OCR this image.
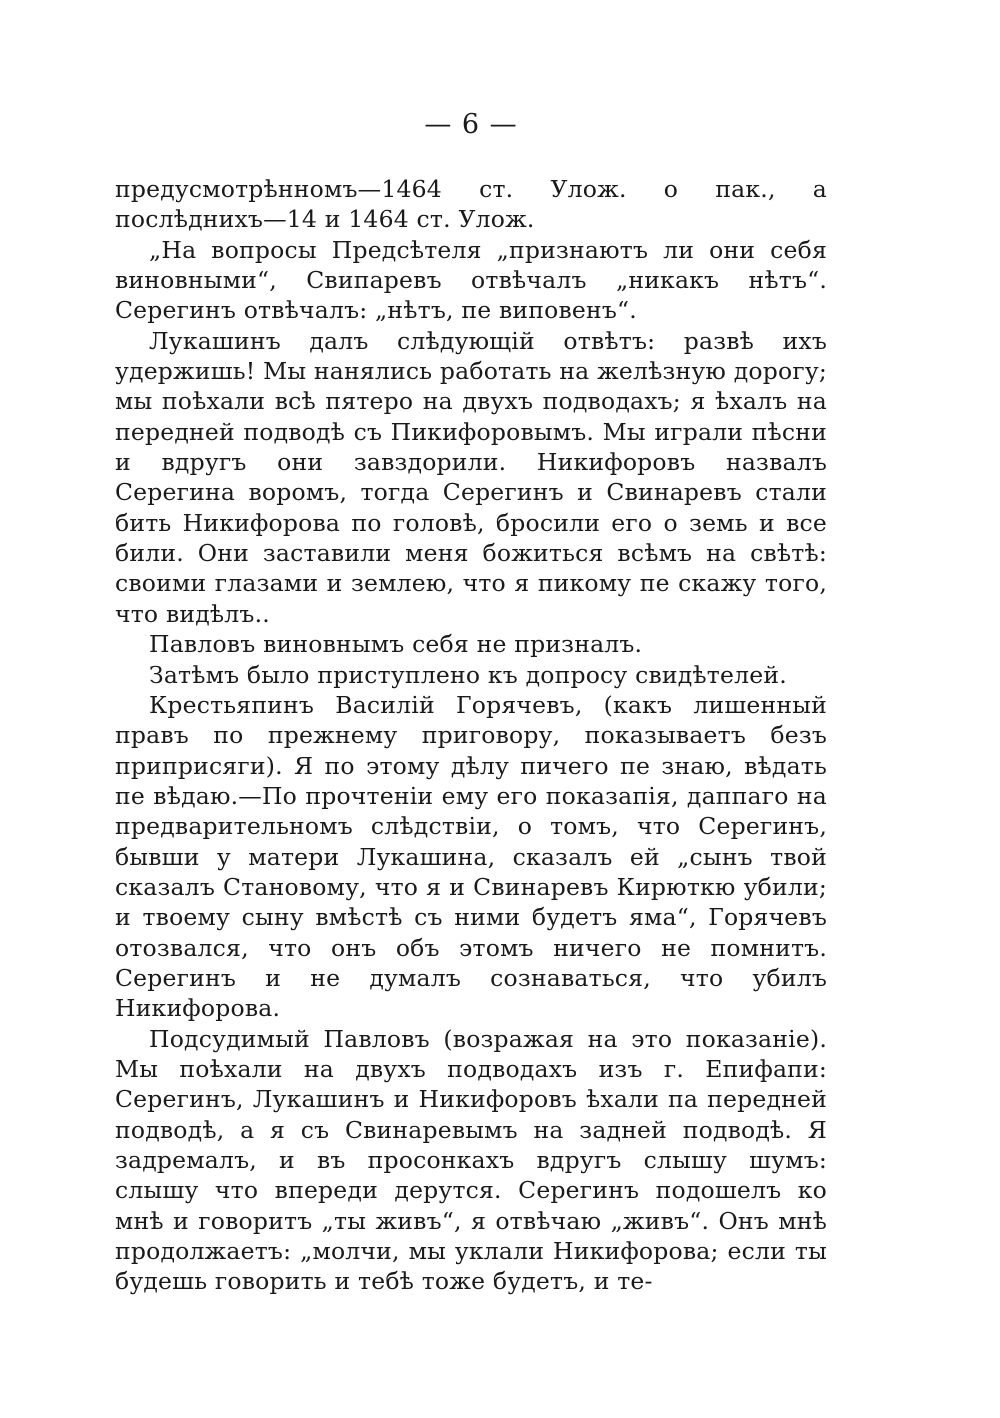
— 6 —

предусмотрѣнномъ—1464 ст. Улож. о пак., а послѣднихъ—14 и 1464 ст. Улож.

„На вопросы Предсѣтеля „признаютъ ли они себя виновными“, Свипаревъ отвѣчалъ „никакъ нѣтъ“. Серегинъ отвѣчалъ: „нѣтъ, пе виповенъ“.

Лукашинъ далъ слѣдующій отвѣтъ: развѣ ихъ удержишь! Мы нанялись работать на желѣзную дорогу; мы поѣхали всѣ пятеро на двухъ подводахъ; я ѣхалъ на передней подводѣ съ Пикифоровымъ. Мы играли пѣсни и вдругъ они завздорили. Никифоровъ назвалъ Серегина воромъ, тогда Серегинъ и Свинаревъ стали бить Никифорова по головѣ, бросили его о земь и все били. Они заставили меня божиться всѣмъ на свѣтѣ: своими глазами и землею, что я пикому пе скажу того, что видѣлъ..

Павловъ виновнымъ себя не призналъ.

Затѣмъ было приступлено къ допросу свидѣтелей.

Крестьяпинъ Василій Горячевъ, (какъ лишенный правъ по прежнему приговору, показываетъ безъ приприсяги). Я по этому дѣлу пичего пе знаю, вѣдать пе вѣдаю.—По прочтеніи ему его показапія, даппаго на предварительномъ слѣдствіи, о томъ, что Серегинъ, бывши у матери Лукашина, сказалъ ей „сынъ твой сказалъ Становому, что я и Свинаревъ Кирюткю убили; и твоему сыну вмѣстѣ съ ними будетъ яма“, Горячевъ отозвался, что онъ объ этомъ ничего не помнитъ. Серегинъ и не думалъ сознаваться, что убилъ Никифорова.

Подсудимый Павловъ (возражая на это показаніе). Мы поѣхали на двухъ подводахъ изъ г. Епифапи: Серегинъ, Лукашинъ и Никифоровъ ѣхали па передней подводѣ, а я съ Свинаревымъ на задней подводѣ. Я задремалъ, и въ просонкахъ вдругъ слышу шумъ: слышу что впереди дерутся. Серегинъ подошелъ ко мнѣ и говоритъ „ты живъ“, я отвѣчаю „живъ“. Онъ мнѣ продолжаетъ: „молчи, мы уклали Никифорова; если ты будешь говорить и тебѣ тоже будетъ, и те-
